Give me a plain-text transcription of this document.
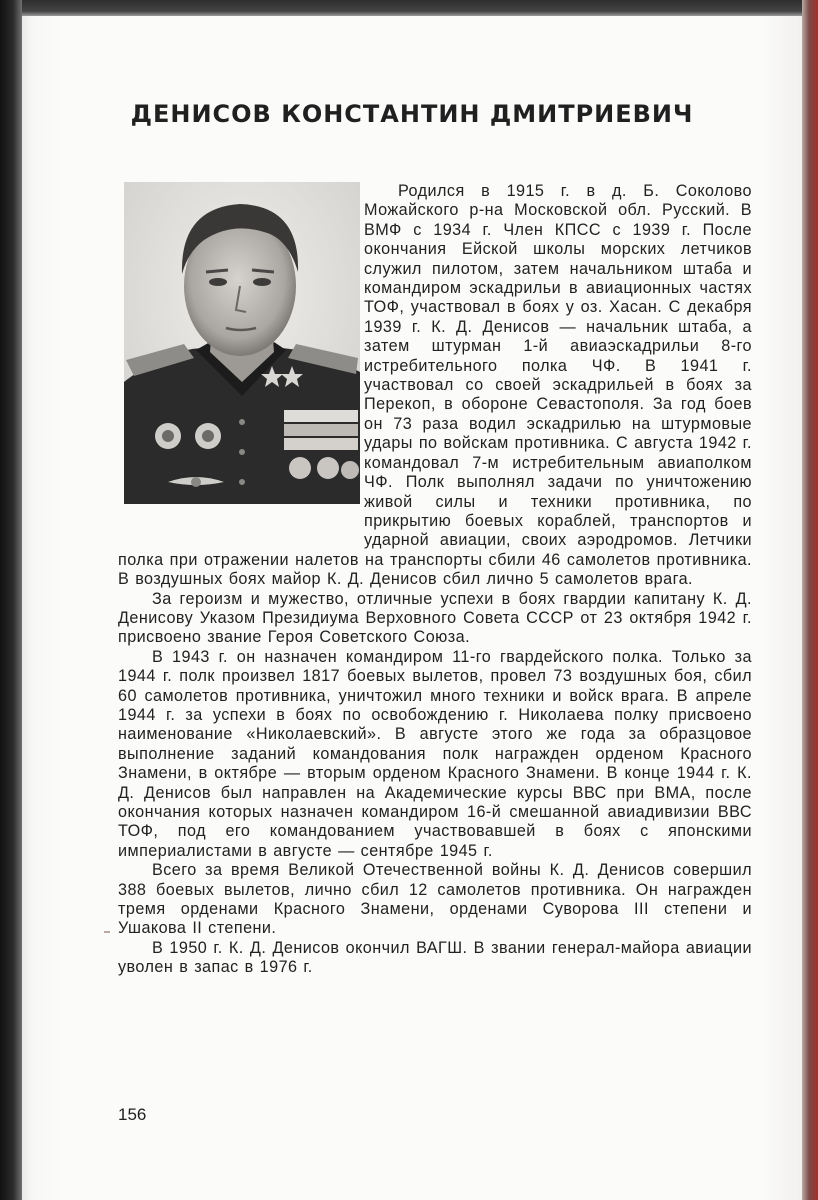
ДЕНИСОВ КОНСТАНТИН ДМИТРИЕВИЧ

Родился в 1915 г. в д. Б. Соколово Можайского р-на Московской обл. Русский. В ВМФ с 1934 г. Член КПСС с 1939 г. После окончания Ейской школы морских летчиков служил пилотом, затем начальником штаба и командиром эскадрильи в авиационных частях ТОФ, участвовал в боях у оз. Хасан. С декабря 1939 г. К. Д. Денисов — начальник штаба, а затем штурман 1-й авиаэскадрильи 8-го истребительного полка ЧФ. В 1941 г. участвовал со своей эскадрильей в боях за Перекоп, в обороне Севастополя. За год боев он 73 раза водил эскадрилью на штурмовые удары по войскам противника. С августа 1942 г. командовал 7-м истребительным авиаполком ЧФ. Полк выполнял задачи по уничтожению живой силы и техники противника, по прикрытию боевых кораблей, транспортов и ударной авиации, своих аэродромов. Летчики полка при отражении налетов на транспорты сбили 46 самолетов противника. В воздушных боях майор К. Д. Денисов сбил лично 5 самолетов врага.

За героизм и мужество, отличные успехи в боях гвардии капитану К. Д. Денисову Указом Президиума Верховного Совета СССР от 23 октября 1942 г. присвоено звание Героя Советского Союза.

В 1943 г. он назначен командиром 11-го гвардейского полка. Только за 1944 г. полк произвел 1817 боевых вылетов, провел 73 воздушных боя, сбил 60 самолетов противника, уничтожил много техники и войск врага. В апреле 1944 г. за успехи в боях по освобождению г. Николаева полку присвоено наименование «Николаевский». В августе этого же года за образцовое выполнение заданий командования полк награжден орденом Красного Знамени, в октябре — вторым орденом Красного Знамени. В конце 1944 г. К. Д. Денисов был направлен на Академические курсы ВВС при ВМА, после окончания которых назначен командиром 16-й смешанной авиадивизии ВВС ТОФ, под его командованием участвовавшей в боях с японскими империалистами в августе — сентябре 1945 г.

Всего за время Великой Отечественной войны К. Д. Денисов совершил 388 боевых вылетов, лично сбил 12 самолетов противника. Он награжден тремя орденами Красного Знамени, орденами Суворова III степени и Ушакова II степени.

В 1950 г. К. Д. Денисов окончил ВАГШ. В звании генерал-майора авиации уволен в запас в 1976 г.

156
